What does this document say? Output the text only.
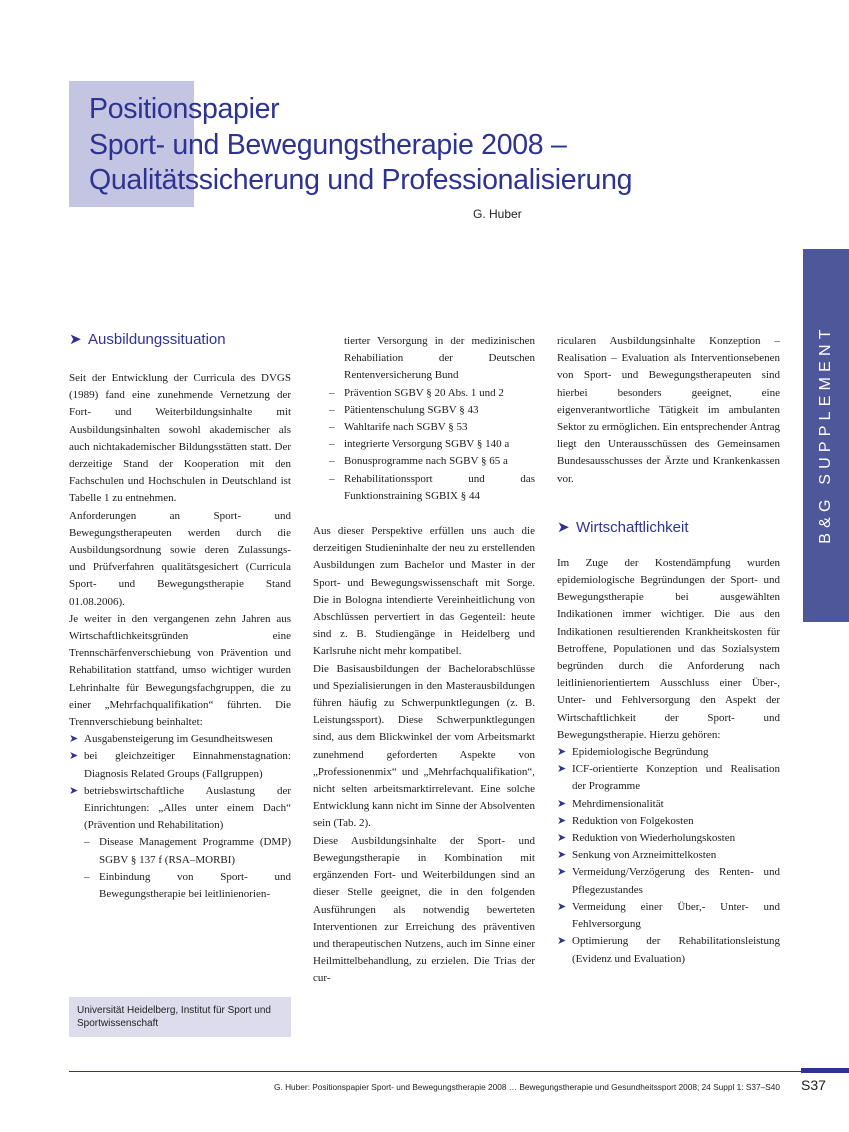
Positionspapier
Sport- und Bewegungstherapie 2008 –
Qualitätssicherung und Professionalisierung
G. Huber
B&G SUPPLEMENT
➤ Ausbildungssituation

Seit der Entwicklung der Curricula des DVGS (1989) fand eine zunehmende Vernetzung der Fort- und Weiterbildungsinhalte mit Ausbildungsinhalten sowohl akademischer als auch nichtakademischer Bildungsstätten statt. Der derzeitige Stand der Kooperation mit den Fachschulen und Hochschulen in Deutschland ist Tabelle 1 zu entnehmen.

Anforderungen an Sport- und Bewegungstherapeuten werden durch die Ausbildungsordnung sowie deren Zulassungs- und Prüfverfahren qualitätsgesichert (Curricula Sport- und Bewegungstherapie Stand 01.08.2006).

Je weiter in den vergangenen zehn Jahren aus Wirtschaftlichkeitsgründen eine Trennschärfenverschiebung von Prävention und Rehabilitation stattfand, umso wichtiger wurden Lehrinhalte für Bewegungsfachgruppen, die zu einer „Mehrfachqualifikation“ führten. Die Trennverschiebung beinhaltet:

➤ Ausgabensteigerung im Gesundheitswesen
➤ bei gleichzeitiger Einnahmenstagnation: Diagnosis Related Groups (Fallgruppen)
➤ betriebswirtschaftliche Auslastung der Einrichtungen: „Alles unter einem Dach“ (Prävention und Rehabilitation)
– Disease Management Programme (DMP) SGBV § 137 f (RSA–MORBI)
– Einbindung von Sport- und Bewegungstherapie bei leitlinienorien-
tierter Versorgung in der medizinischen Rehabiliation der Deutschen Rentenversicherung Bund
– Prävention SGBV § 20 Abs. 1 und 2
– Pätientenschulung SGBV § 43
– Wahltarife nach SGBV § 53
– integrierte Versorgung SGBV § 140 a
– Bonusprogramme nach SGBV § 65 a
– Rehabilitationssport und das Funktionstraining SGBIX § 44

Aus dieser Perspektive erfüllen uns auch die derzeitigen Studieninhalte der neu zu erstellenden Ausbildungen zum Bachelor und Master in der Sport- und Bewegungswissenschaft mit Sorge. Die in Bologna intendierte Vereinheitlichung von Abschlüssen pervertiert in das Gegenteil: heute sind z. B. Studiengänge in Heidelberg und Karlsruhe nicht mehr kompatibel.

Die Basisausbildungen der Bachelorabschlüsse und Spezialisierungen in den Masterausbildungen führen häufig zu Schwerpunktlegungen (z. B. Leistungssport). Diese Schwerpunktlegungen sind, aus dem Blickwinkel der vom Arbeitsmarkt zunehmend geforderten Aspekte von „Professionenmix“ und „Mehrfachqualifikation“, nicht selten arbeitsmarktirrelevant. Eine solche Entwicklung kann nicht im Sinne der Absolventen sein (Tab. 2).

Diese Ausbildungsinhalte der Sport- und Bewegungstherapie in Kombination mit ergänzenden Fort- und Weiterbildungen sind an dieser Stelle geeignet, die in den folgenden Ausführungen als notwendig bewerteten Interventionen zur Erreichung des präventiven und therapeutischen Nutzens, auch im Sinne einer Heilmittelbehandlung, zu erzielen. Die Trias der cur-

ricularen Ausbildungsinhalte Konzeption – Realisation – Evaluation als Interventionsebenen von Sport- und Bewegungstherapeuten sind hierbei besonders geeignet, eine eigenverantwortliche Tätigkeit im ambulanten Sektor zu ermöglichen. Ein entsprechender Antrag liegt den Unterausschüssen des Gemeinsamen Bundesausschusses der Ärzte und Krankenkassen vor.

➤ Wirtschaftlichkeit

Im Zuge der Kostendämpfung wurden epidemiologische Begründungen der Sport- und Bewegungstherapie bei ausgewählten Indikationen immer wichtiger. Die aus den Indikationen resultierenden Krankheitskosten für Betroffene, Populationen und das Sozialsystem begründen durch die Anforderung nach leitlinienorientiertem Ausschluss einer Über-, Unter- und Fehlversorgung den Aspekt der Wirtschaftlichkeit der Sport- und Bewegungstherapie. Hierzu gehören:

➤ Epidemiologische Begründung
➤ ICF-orientierte Konzeption und Realisation der Programme
➤ Mehrdimensionalität
➤ Reduktion von Folgekosten
➤ Reduktion von Wiederholungskosten
➤ Senkung von Arzneimittelkosten
➤ Vermeidung/Verzögerung des Renten- und Pflegezustandes
➤ Vermeidung einer Über,- Unter- und Fehlversorgung
➤ Optimierung der Rehabilitationsleistung (Evidenz und Evaluation)
Universität Heidelberg, Institut für Sport und Sportwissenschaft
G. Huber: Positionspapier Sport- und Bewegungstherapie 2008 … Bewegungstherapie und Gesundheitssport 2008; 24 Suppl 1: S37–S40 S37
